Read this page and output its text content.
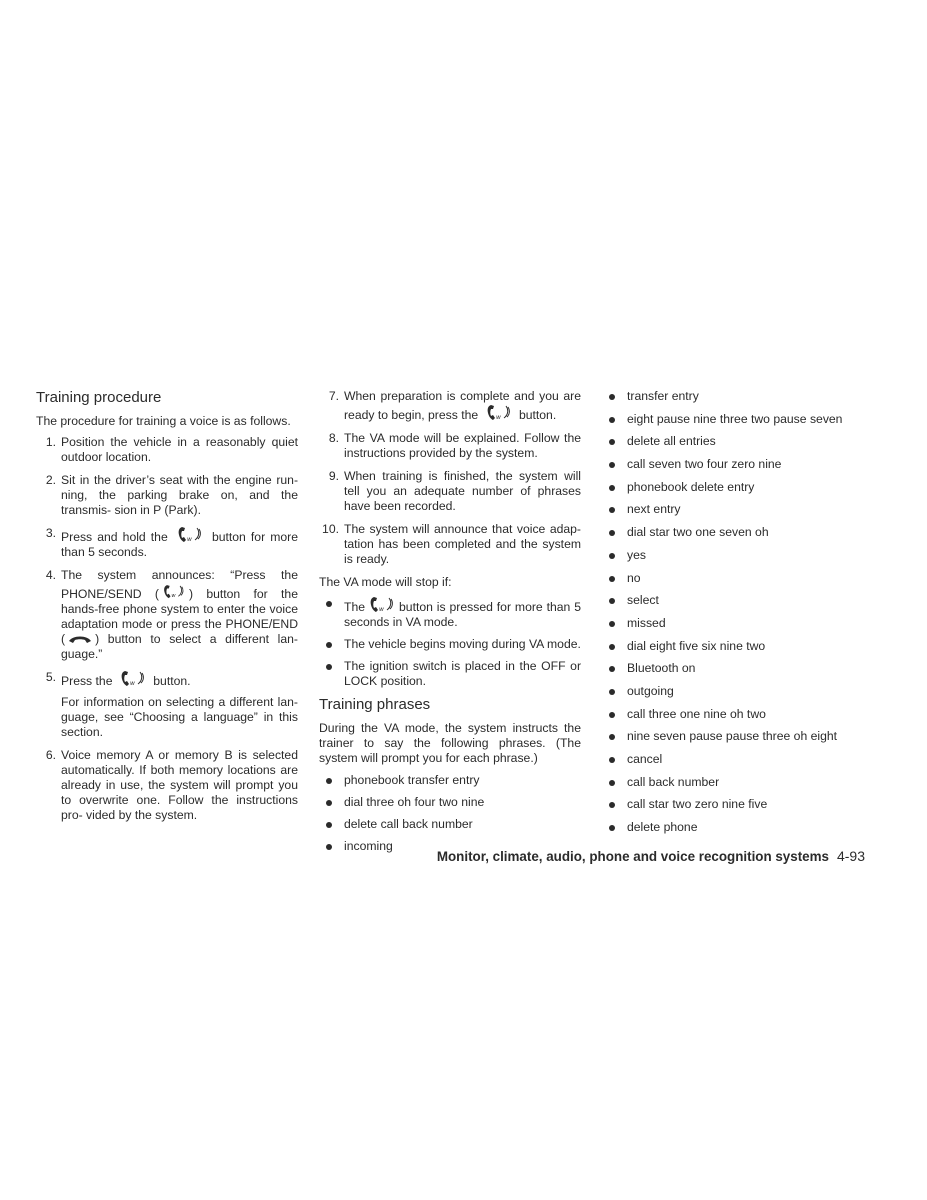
Training procedure
The procedure for training a voice is as follows.
1. Position the vehicle in a reasonably quiet outdoor location.
2. Sit in the driver’s seat with the engine run- ning, the parking brake on, and the transmis- sion in P (Park).
3. Press and hold the	w button for more than 5 seconds.
4. The system announces: “Press the PHONE/SEND ( w ) button for the hands-free phone system to enter the voice adaptation mode or press the PHONE/END ( ) button to select a different lan- guage.”
5. Press the	w button.
For information on selecting a different lan- guage, see “Choosing a language” in this section.
6. Voice memory A or memory B is selected automatically. If both memory locations are already in use, the system will prompt you to overwrite one. Follow the instructions pro- vided by the system.
7. When preparation is complete and you are ready to begin, press the	w button.
8. The VA mode will be explained. Follow the instructions provided by the system.
9. When training is finished, the system will tell you an adequate number of phrases have been recorded.
10. The system will announce that voice adap- tation has been completed and the system is ready.
The VA mode will stop if:
The w button is pressed for more than 5 seconds in VA mode.
The vehicle begins moving during VA mode.
The ignition switch is placed in the OFF or LOCK position.
Training phrases
During the VA mode, the system instructs the trainer to say the following phrases. (The system will prompt you for each phrase.)
phonebook transfer entry
dial three oh four two nine
delete call back number
incoming
transfer entry
eight pause nine three two pause seven
delete all entries
call seven two four zero nine
phonebook delete entry
next entry
dial star two one seven oh
yes
no
select
missed
dial eight five six nine two
Bluetooth on
outgoing
call three one nine oh two
nine seven pause pause three oh eight
cancel
call back number
call star two zero nine five
delete phone
Monitor, climate, audio, phone and voice recognition systems 4-93
